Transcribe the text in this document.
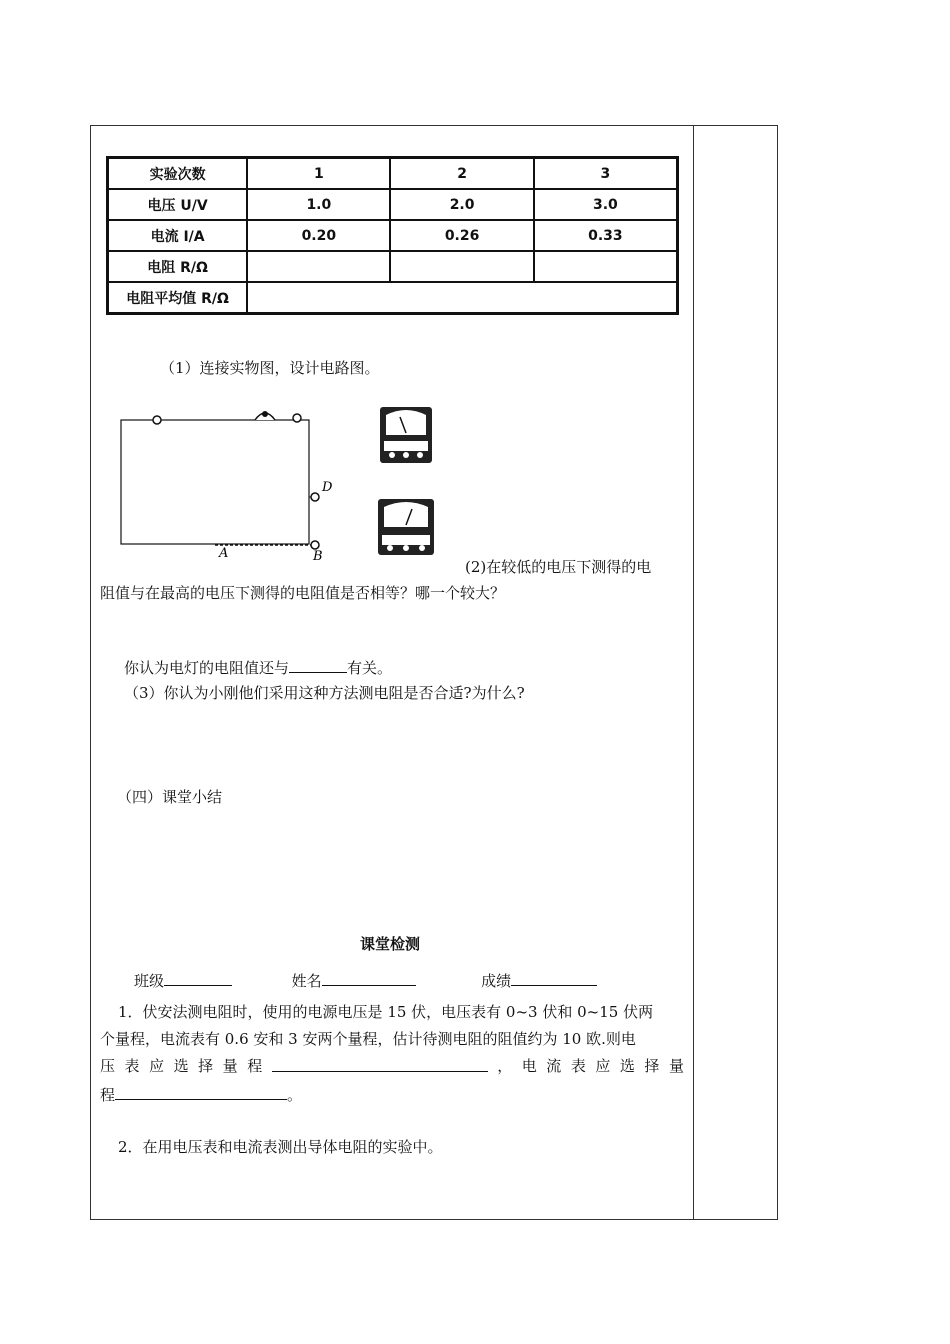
实验次数	1	2	3
电压 U/V	1.0	2.0	3.0
电流 I/A	0.20	0.26	0.33
电阻 R/Ω			
电阻平均值 R/Ω			
（1）连接实物图，设计电路图。
D
A	B
(2)在较低的电压下测得的电
阻值与在最高的电压下测得的电阻值是否相等？哪一个较大？
你认为电灯的电阻值还与	有关。
（3）你认为小刚他们采用这种方法测电阻是否合适?为什么?
（四）课堂小结
课堂检测
班级	姓名	成绩
1．伏安法测电阻时，使用的电源电压是 15 伏，电压表有 0~3 伏和 0~15 伏两
个量程，电流表有 0.6 安和 3 安两个量程，估计待测电阻的阻值约为 10 欧.则电
压 表 应 选 择 量 程	， 电 流 表 应 选 择 量
程	。
2．在用电压表和电流表测出导体电阻的实验中。
